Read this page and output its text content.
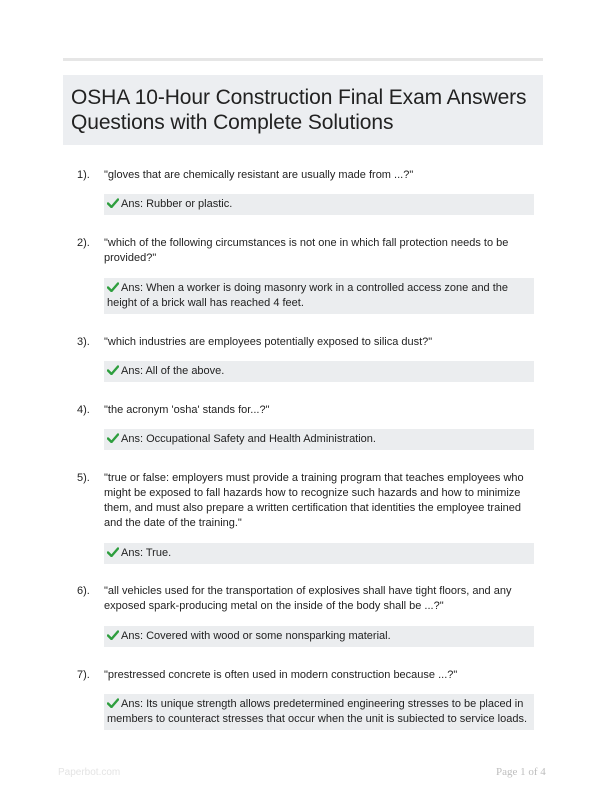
OSHA 10-Hour Construction Final Exam Answers
Questions with Complete Solutions
1). "gloves that are chemically resistant are usually made from ...?"
Ans: Rubber or plastic.
2). "which of the following circumstances is not one in which fall protection needs to be provided?"
Ans: When a worker is doing masonry work in a controlled access zone and the height of a brick wall has reached 4 feet.
3). "which industries are employees potentially exposed to silica dust?"
Ans: All of the above.
4). "the acronym 'osha' stands for...?"
Ans: Occupational Safety and Health Administration.
5). "true or false: employers must provide a training program that teaches employees who might be exposed to fall hazards how to recognize such hazards and how to minimize them, and must also prepare a written certification that identities the employee trained and the date of the training."
Ans: True.
6). "all vehicles used for the transportation of explosives shall have tight floors, and any exposed spark-producing metal on the inside of the body shall be ...?"
Ans: Covered with wood or some nonsparking material.
7). "prestressed concrete is often used in modern construction because ...?"
Ans: Its unique strength allows predetermined engineering stresses to be placed in members to counteract stresses that occur when the unit is subiected to service loads.
Paperbot.com	Page 1 of 4
